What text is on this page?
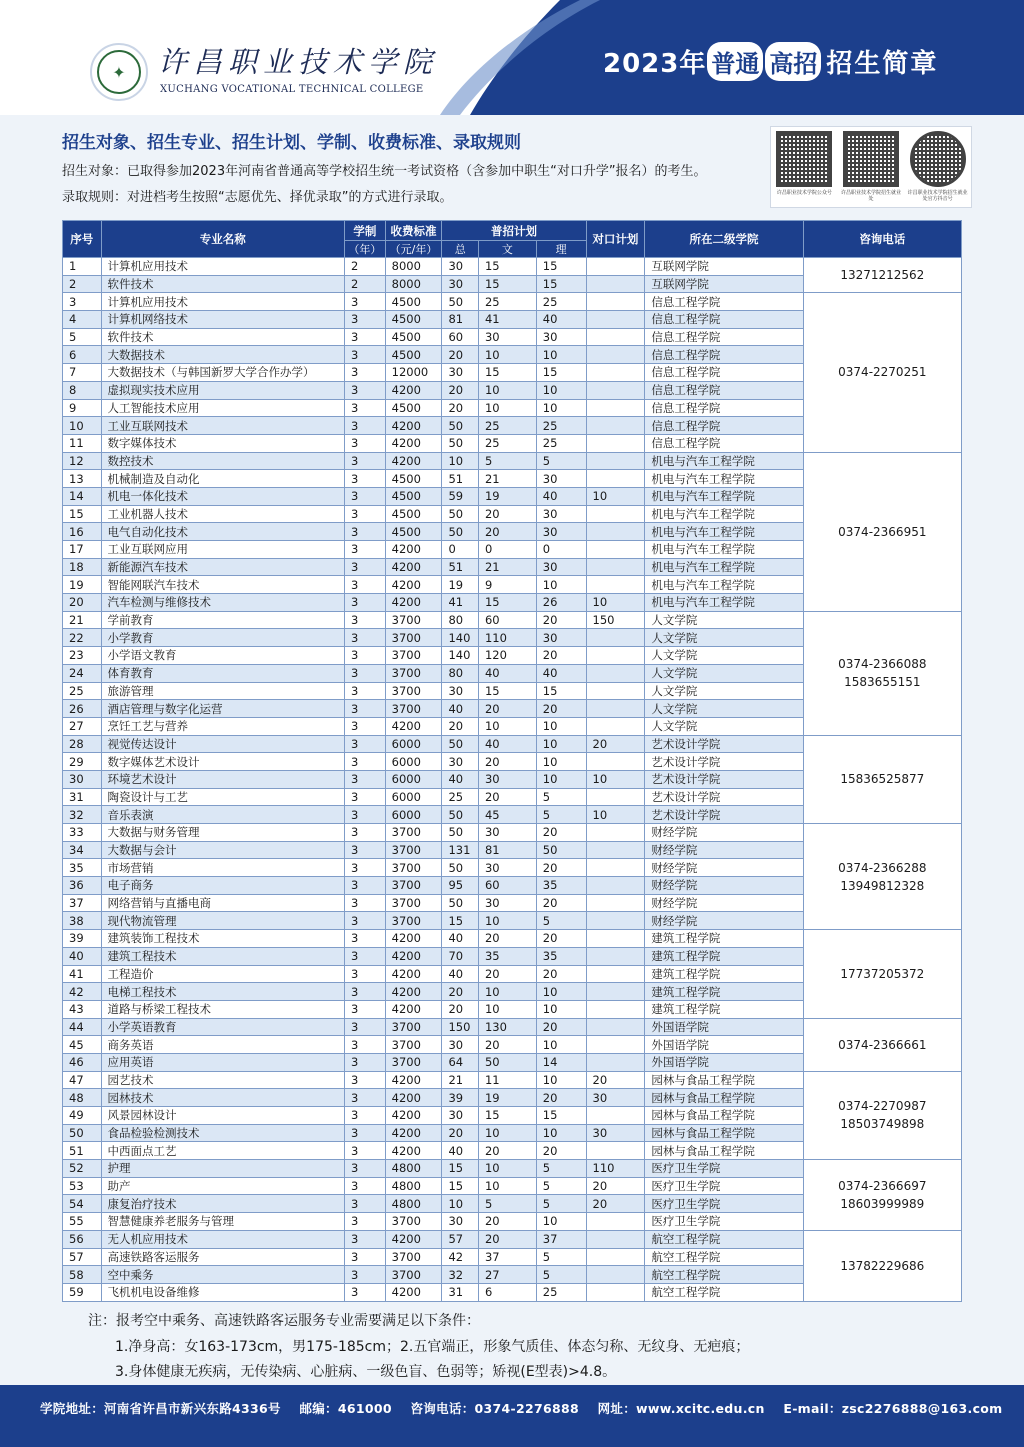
✦	许昌职业技术学院
XUCHANG VOCATIONAL TECHNICAL COLLEGE
2023年 普通 高招 招生简章
招生对象、招生专业、招生计划、学制、收费标准、录取规则
招生对象：已取得参加2023年河南省普通高等学校招生统一考试资格（含参加中职生“对口升学”报名）的考生。
录取规则：对进档考生按照“志愿优先、择优录取”的方式进行录取。	许昌职业技术学院公众号	许昌职业技术学院招生就业处
许昌职业技术学院招生就业处官方抖音号
序号	专业名称	学制	收费标准	普招计划			对口计划	所在二级学院	咨询电话
		（年）	（元/年）	总	文	理			
1	计算机应用技术	2	8000	30	15	15		互联网学院	13271212562

2	软件技术	2	8000	30	15	15		互联网学院	
3	计算机应用技术	3	4500	50	25	25		信息工程学院	0374-2270251

4	计算机网络技术	3	4500	81	41	40		信息工程学院	
5	软件技术	3	4500	60	30	30		信息工程学院	
6	大数据技术	3	4500	20	10	10		信息工程学院	
7	大数据技术（与韩国新罗大学合作办学）	3	12000	30	15	15		信息工程学院	
8	虚拟现实技术应用	3	4200	20	10	10		信息工程学院	
9	人工智能技术应用	3	4500	20	10	10		信息工程学院	
10	工业互联网技术	3	4200	50	25	25		信息工程学院	
11	数字媒体技术	3	4200	50	25	25		信息工程学院	
12	数控技术	3	4200	10	5	5		机电与汽车工程学院	0374-2366951

13	机械制造及自动化	3	4500	51	21	30		机电与汽车工程学院	
14	机电一体化技术	3	4500	59	19	40	10	机电与汽车工程学院	
15	工业机器人技术	3	4500	50	20	30		机电与汽车工程学院	
16	电气自动化技术	3	4500	50	20	30		机电与汽车工程学院	
17	工业互联网应用	3	4200	0	0	0		机电与汽车工程学院	
18	新能源汽车技术	3	4200	51	21	30		机电与汽车工程学院	
19	智能网联汽车技术	3	4200	19	9	10		机电与汽车工程学院	
20	汽车检测与维修技术	3	4200	41	15	26	10	机电与汽车工程学院	
21	学前教育	3	3700	80	60	20	150	人文学院	0374-2366088
1583655151

22	小学教育	3	3700	140	110	30		人文学院	
23	小学语文教育	3	3700	140	120	20		人文学院	
24	体育教育	3	3700	80	40	40		人文学院	
25	旅游管理	3	3700	30	15	15		人文学院	
26	酒店管理与数字化运营	3	3700	40	20	20		人文学院	
27	烹饪工艺与营养	3	4200	20	10	10		人文学院	
28	视觉传达设计	3	6000	50	40	10	20	艺术设计学院	15836525877

29	数字媒体艺术设计	3	6000	30	20	10		艺术设计学院	
30	环境艺术设计	3	6000	40	30	10	10	艺术设计学院	
31	陶瓷设计与工艺	3	6000	25	20	5		艺术设计学院	
32	音乐表演	3	6000	50	45	5	10	艺术设计学院	
33	大数据与财务管理	3	3700	50	30	20		财经学院	0374-2366288
13949812328

34	大数据与会计	3	3700	131	81	50		财经学院	
35	市场营销	3	3700	50	30	20		财经学院	
36	电子商务	3	3700	95	60	35		财经学院	
37	网络营销与直播电商	3	3700	50	30	20		财经学院	
38	现代物流管理	3	3700	15	10	5		财经学院	
39	建筑装饰工程技术	3	4200	40	20	20		建筑工程学院	17737205372

40	建筑工程技术	3	4200	70	35	35		建筑工程学院	
41	工程造价	3	4200	40	20	20		建筑工程学院	
42	电梯工程技术	3	4200	20	10	10		建筑工程学院	
43	道路与桥梁工程技术	3	4200	20	10	10		建筑工程学院	
44	小学英语教育	3	3700	150	130	20		外国语学院	0374-2366661

45	商务英语	3	3700	30	20	10		外国语学院	
46	应用英语	3	3700	64	50	14		外国语学院	
47	园艺技术	3	4200	21	11	10	20	园林与食品工程学院	0374-2270987
18503749898

48	园林技术	3	4200	39	19	20	30	园林与食品工程学院	
49	风景园林设计	3	4200	30	15	15		园林与食品工程学院	
50	食品检验检测技术	3	4200	20	10	10	30	园林与食品工程学院	
51	中西面点工艺	3	4200	40	20	20		园林与食品工程学院	
52	护理	3	4800	15	10	5	110	医疗卫生学院	0374-2366697
18603999989

53	助产	3	4800	15	10	5	20	医疗卫生学院	
54	康复治疗技术	3	4800	10	5	5	20	医疗卫生学院	
55	智慧健康养老服务与管理	3	3700	30	20	10		医疗卫生学院	
56	无人机应用技术	3	4200	57	20	37		航空工程学院	13782229686

57	高速铁路客运服务	3	3700	42	37	5		航空工程学院	
58	空中乘务	3	3700	32	27	5		航空工程学院	
59	飞机机电设备维修	3	4200	31	6	25		航空工程学院	
注：报考空中乘务、高速铁路客运服务专业需要满足以下条件：
1.净身高：女163-173cm，男175-185cm；2.五官端正，形象气质佳、体态匀称、无纹身、无疤痕；
3.身体健康无疾病，无传染病、心脏病、一级色盲、色弱等；矫视(E型表)>4.8。
学院地址：河南省许昌市新兴东路4336号 邮编：461000 咨询电话：0374-2276888 网址：www.xcitc.edu.cn E-mail：zsc2276888@163.com
